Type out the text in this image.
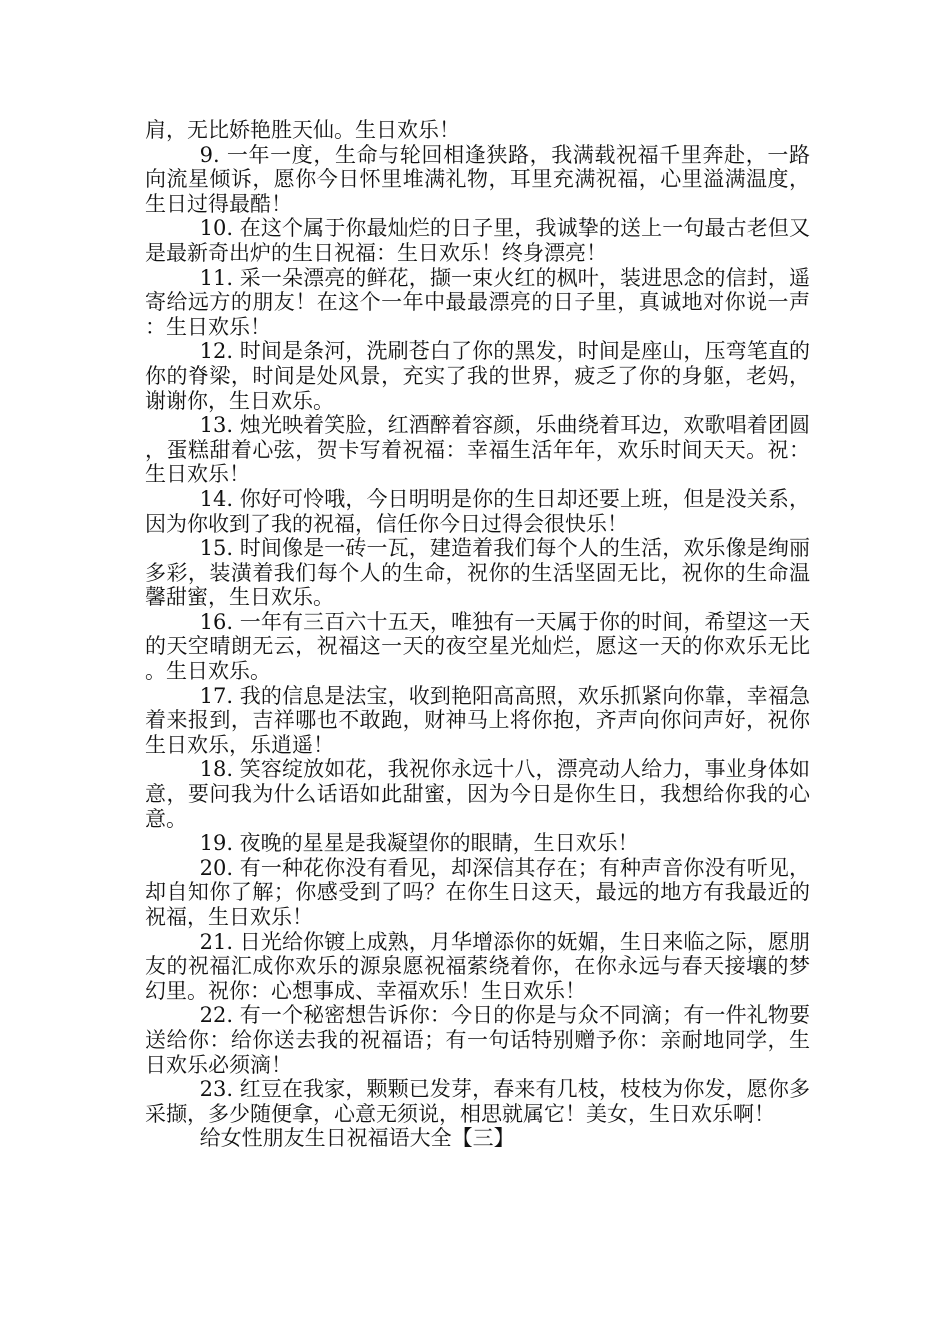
肩，无比娇艳胜天仙。生日欢乐！

9. 一年一度，生命与轮回相逢狭路，我满载祝福千里奔赴，一路向流星倾诉，愿你今日怀里堆满礼物，耳里充满祝福，心里溢满温度，生日过得最酷！

10. 在这个属于你最灿烂的日子里，我诚挚的送上一句最古老但又是最新奇出炉的生日祝福：生日欢乐！终身漂亮！

11. 采一朵漂亮的鲜花，撷一束火红的枫叶，装进思念的信封，遥寄给远方的朋友！在这个一年中最最漂亮的日子里，真诚地对你说一声：生日欢乐！

12. 时间是条河，洗刷苍白了你的黑发，时间是座山，压弯笔直的你的脊梁，时间是处风景，充实了我的世界，疲乏了你的身躯，老妈，谢谢你，生日欢乐。

13. 烛光映着笑脸，红酒醉着容颜，乐曲绕着耳边，欢歌唱着团圆，蛋糕甜着心弦，贺卡写着祝福：幸福生活年年，欢乐时间天天。祝：生日欢乐！

14. 你好可怜哦，今日明明是你的生日却还要上班，但是没关系，因为你收到了我的祝福，信任你今日过得会很快乐！

15. 时间像是一砖一瓦，建造着我们每个人的生活，欢乐像是绚丽多彩，装潢着我们每个人的生命，祝你的生活坚固无比，祝你的生命温馨甜蜜，生日欢乐。

16. 一年有三百六十五天，唯独有一天属于你的时间，希望这一天的天空晴朗无云，祝福这一天的夜空星光灿烂，愿这一天的你欢乐无比。生日欢乐。

17. 我的信息是法宝，收到艳阳高高照，欢乐抓紧向你靠，幸福急着来报到，吉祥哪也不敢跑，财神马上将你抱，齐声向你问声好，祝你生日欢乐，乐逍遥！

18. 笑容绽放如花，我祝你永远十八，漂亮动人给力，事业身体如意，要问我为什么话语如此甜蜜，因为今日是你生日，我想给你我的心意。

19. 夜晚的星星是我凝望你的眼睛，生日欢乐！

20. 有一种花你没有看见，却深信其存在；有种声音你没有听见，却自知你了解；你感受到了吗？在你生日这天，最远的地方有我最近的祝福，生日欢乐！

21. 日光给你镀上成熟，月华增添你的妩媚，生日来临之际，愿朋友的祝福汇成你欢乐的源泉愿祝福萦绕着你，在你永远与春天接壤的梦幻里。祝你：心想事成、幸福欢乐！生日欢乐！

22. 有一个秘密想告诉你：今日的你是与众不同滴；有一件礼物要送给你：给你送去我的祝福语；有一句话特别赠予你：亲耐地同学，生日欢乐必须滴！

23. 红豆在我家，颗颗已发芽，春来有几枝，枝枝为你发，愿你多采撷，多少随便拿，心意无须说，相思就属它！美女，生日欢乐啊！

给女性朋友生日祝福语大全【三】
